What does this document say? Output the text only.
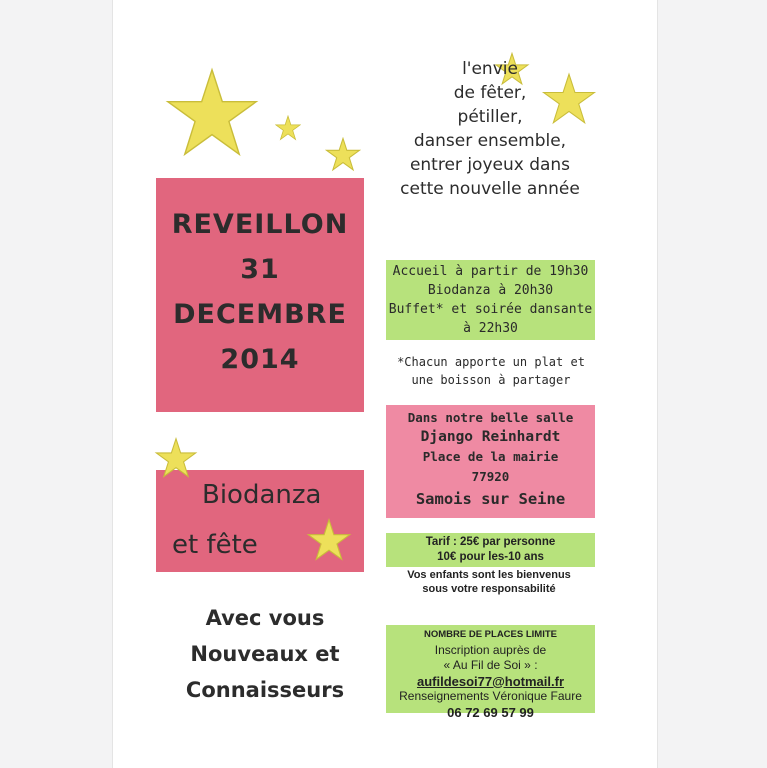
REVEILLON
31
DECEMBRE
2014
l'envie
de fêter,
pétiller,
danser ensemble,
entrer joyeux dans
cette nouvelle année
Accueil à partir de 19h30
Biodanza à 20h30
Buffet* et soirée dansante
à 22h30
*Chacun apporte un plat et
une boisson à partager
Dans notre belle salle
Django Reinhardt
Place de la mairie
77920
Samois sur Seine
Biodanza
et fête	Tarif : 25€ par personne
10€ pour les-10 ans
Vos enfants sont les bienvenus
sous votre responsabilité
NOMBRE DE PLACES LIMITE
Inscription auprès de
« Au Fil de Soi » :
aufildesoi77@hotmail.fr
Renseignements Véronique Faure
06 72 69 57 99
Avec vous
Nouveaux et
Connaisseurs
